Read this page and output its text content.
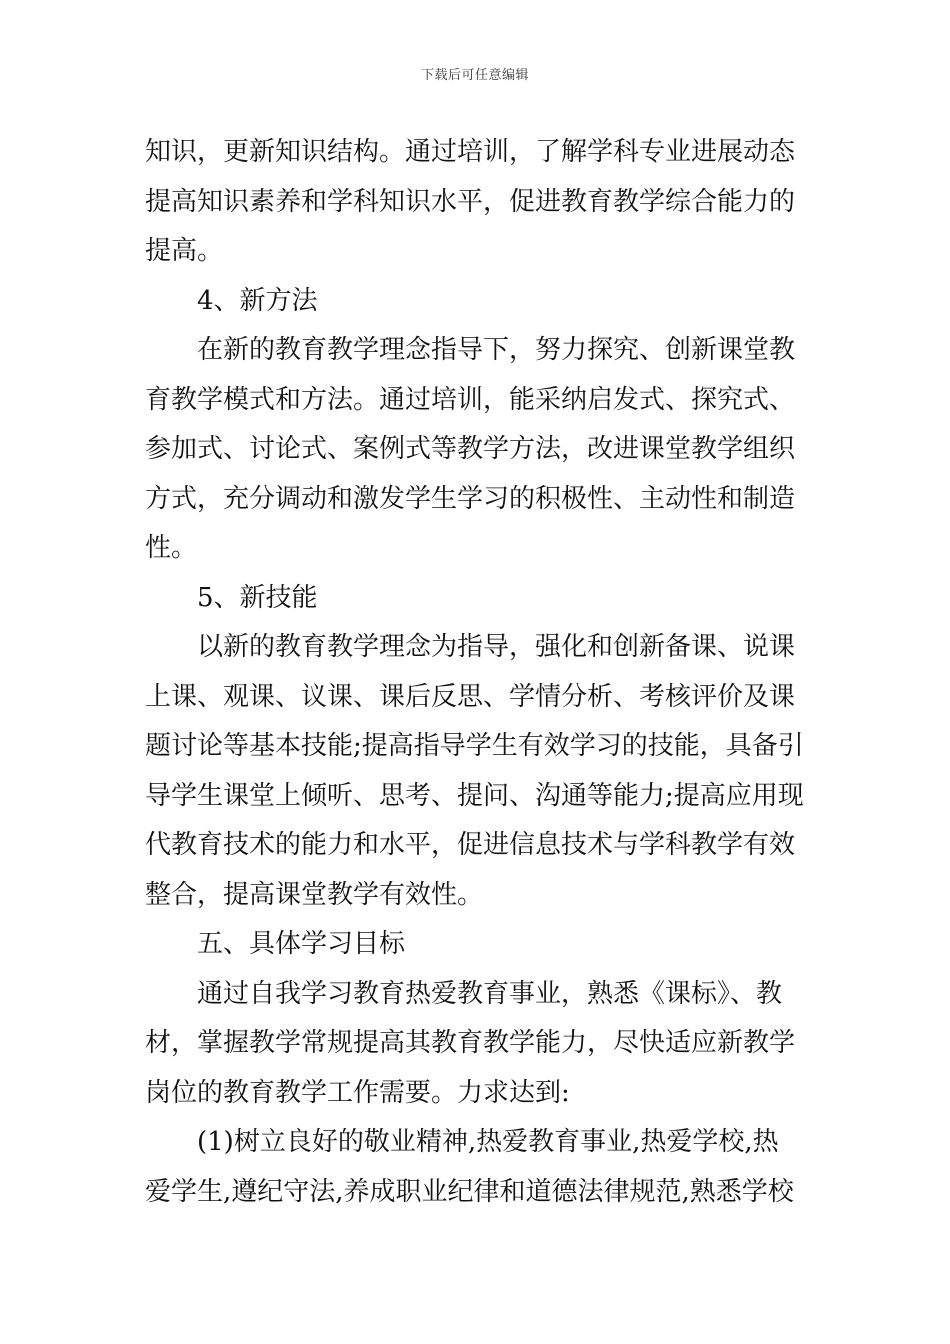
下载后可任意编辑
知识，更新知识结构。通过培训，了解学科专业进展动态
提高知识素养和学科知识水平，促进教育教学综合能力的
提高。
4、新方法
在新的教育教学理念指导下，努力探究、创新课堂教
育教学模式和方法。通过培训，能采纳启发式、探究式、
参加式、讨论式、案例式等教学方法，改进课堂教学组织
方式，充分调动和激发学生学习的积极性、主动性和制造
性。
5、新技能
以新的教育教学理念为指导，强化和创新备课、说课
上课、观课、议课、课后反思、学情分析、考核评价及课
题讨论等基本技能;提高指导学生有效学习的技能，具备引
导学生课堂上倾听、思考、提问、沟通等能力;提高应用现
代教育技术的能力和水平，促进信息技术与学科教学有效
整合，提高课堂教学有效性。
五、具体学习目标
通过自我学习教育热爱教育事业，熟悉《课标》、教
材，掌握教学常规提高其教育教学能力，尽快适应新教学
岗位的教育教学工作需要。力求达到:
(1)树立良好的敬业精神,热爱教育事业,热爱学校,热
爱学生,遵纪守法,养成职业纪律和道德法律规范,熟悉学校
